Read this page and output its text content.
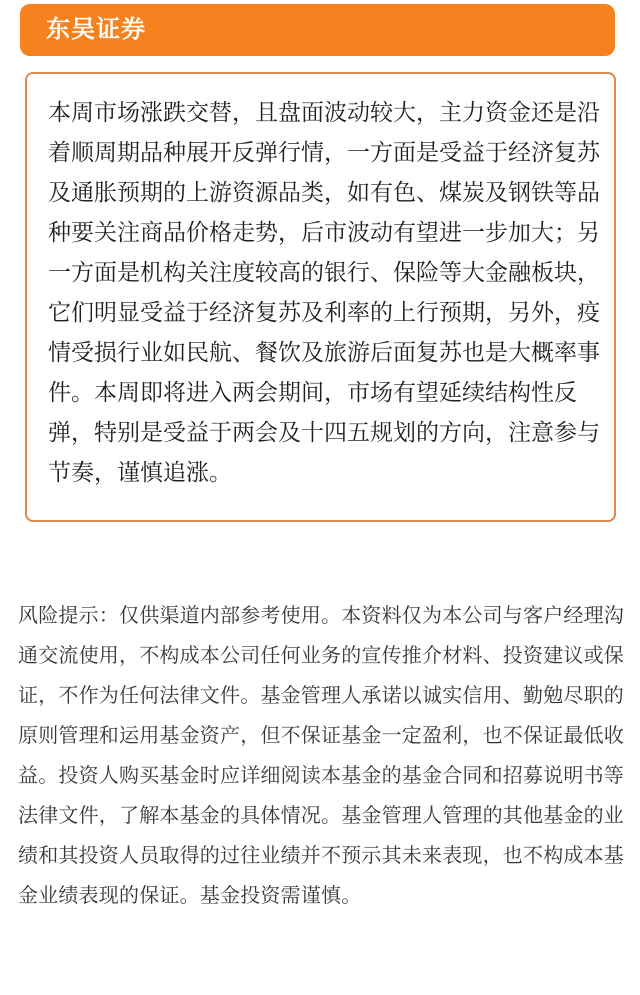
东吴证券
本周市场涨跌交替，且盘面波动较大，主力资金还是沿
着顺周期品种展开反弹行情，一方面是受益于经济复苏
及通胀预期的上游资源品类，如有色、煤炭及钢铁等品
种要关注商品价格走势，后市波动有望进一步加大；另
一方面是机构关注度较高的银行、保险等大金融板块，
它们明显受益于经济复苏及利率的上行预期，另外，疫
情受损行业如民航、餐饮及旅游后面复苏也是大概率事
件。本周即将进入两会期间，市场有望延续结构性反
弹，特别是受益于两会及十四五规划的方向，注意参与
节奏，谨慎追涨。
风险提示：仅供渠道内部参考使用。本资料仅为本公司与客户经理沟
通交流使用，不构成本公司任何业务的宣传推介材料、投资建议或保
证，不作为任何法律文件。基金管理人承诺以诚实信用、勤勉尽职的
原则管理和运用基金资产，但不保证基金一定盈利，也不保证最低收
益。投资人购买基金时应详细阅读本基金的基金合同和招募说明书等
法律文件，了解本基金的具体情况。基金管理人管理的其他基金的业
绩和其投资人员取得的过往业绩并不预示其未来表现，也不构成本基
金业绩表现的保证。基金投资需谨慎。
